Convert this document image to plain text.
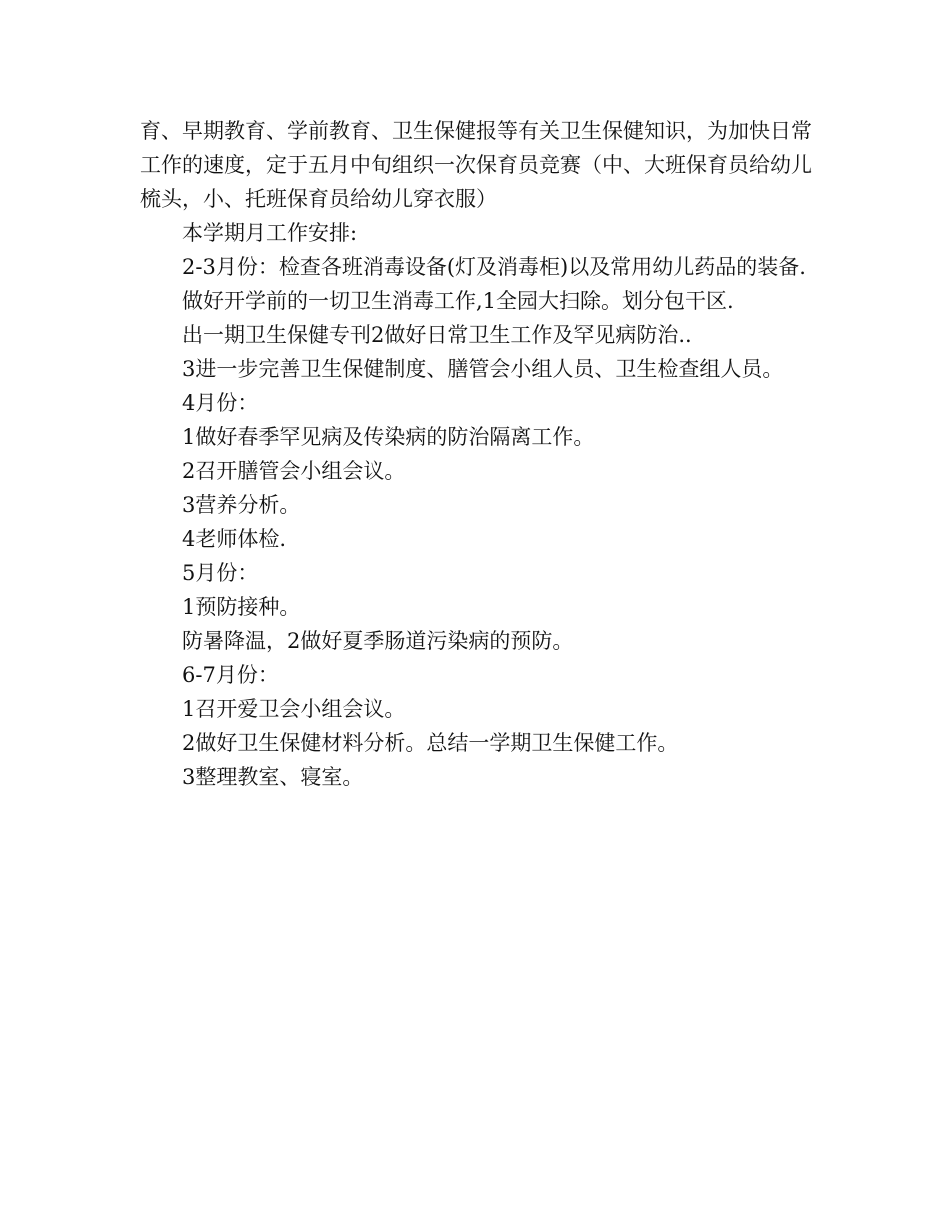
育、早期教育、学前教育、卫生保健报等有关卫生保健知识，为加快日常工作的速度，定于五月中旬组织一次保育员竞赛（中、大班保育员给幼儿梳头，小、托班保育员给幼儿穿衣服）

本学期月工作安排:

2-3月份：检查各班消毒设备(灯及消毒柜)以及常用幼儿药品的装备.

做好开学前的一切卫生消毒工作,1全园大扫除。划分包干区.

出一期卫生保健专刊2做好日常卫生工作及罕见病防治..

3进一步完善卫生保健制度、膳管会小组人员、卫生检查组人员。

4月份：

1做好春季罕见病及传染病的防治隔离工作。

2召开膳管会小组会议。

3营养分析。

4老师体检.

5月份：

1预防接种。

防暑降温，2做好夏季肠道污染病的预防。

6-7月份：

1召开爱卫会小组会议。

2做好卫生保健材料分析。总结一学期卫生保健工作。

3整理教室、寝室。
